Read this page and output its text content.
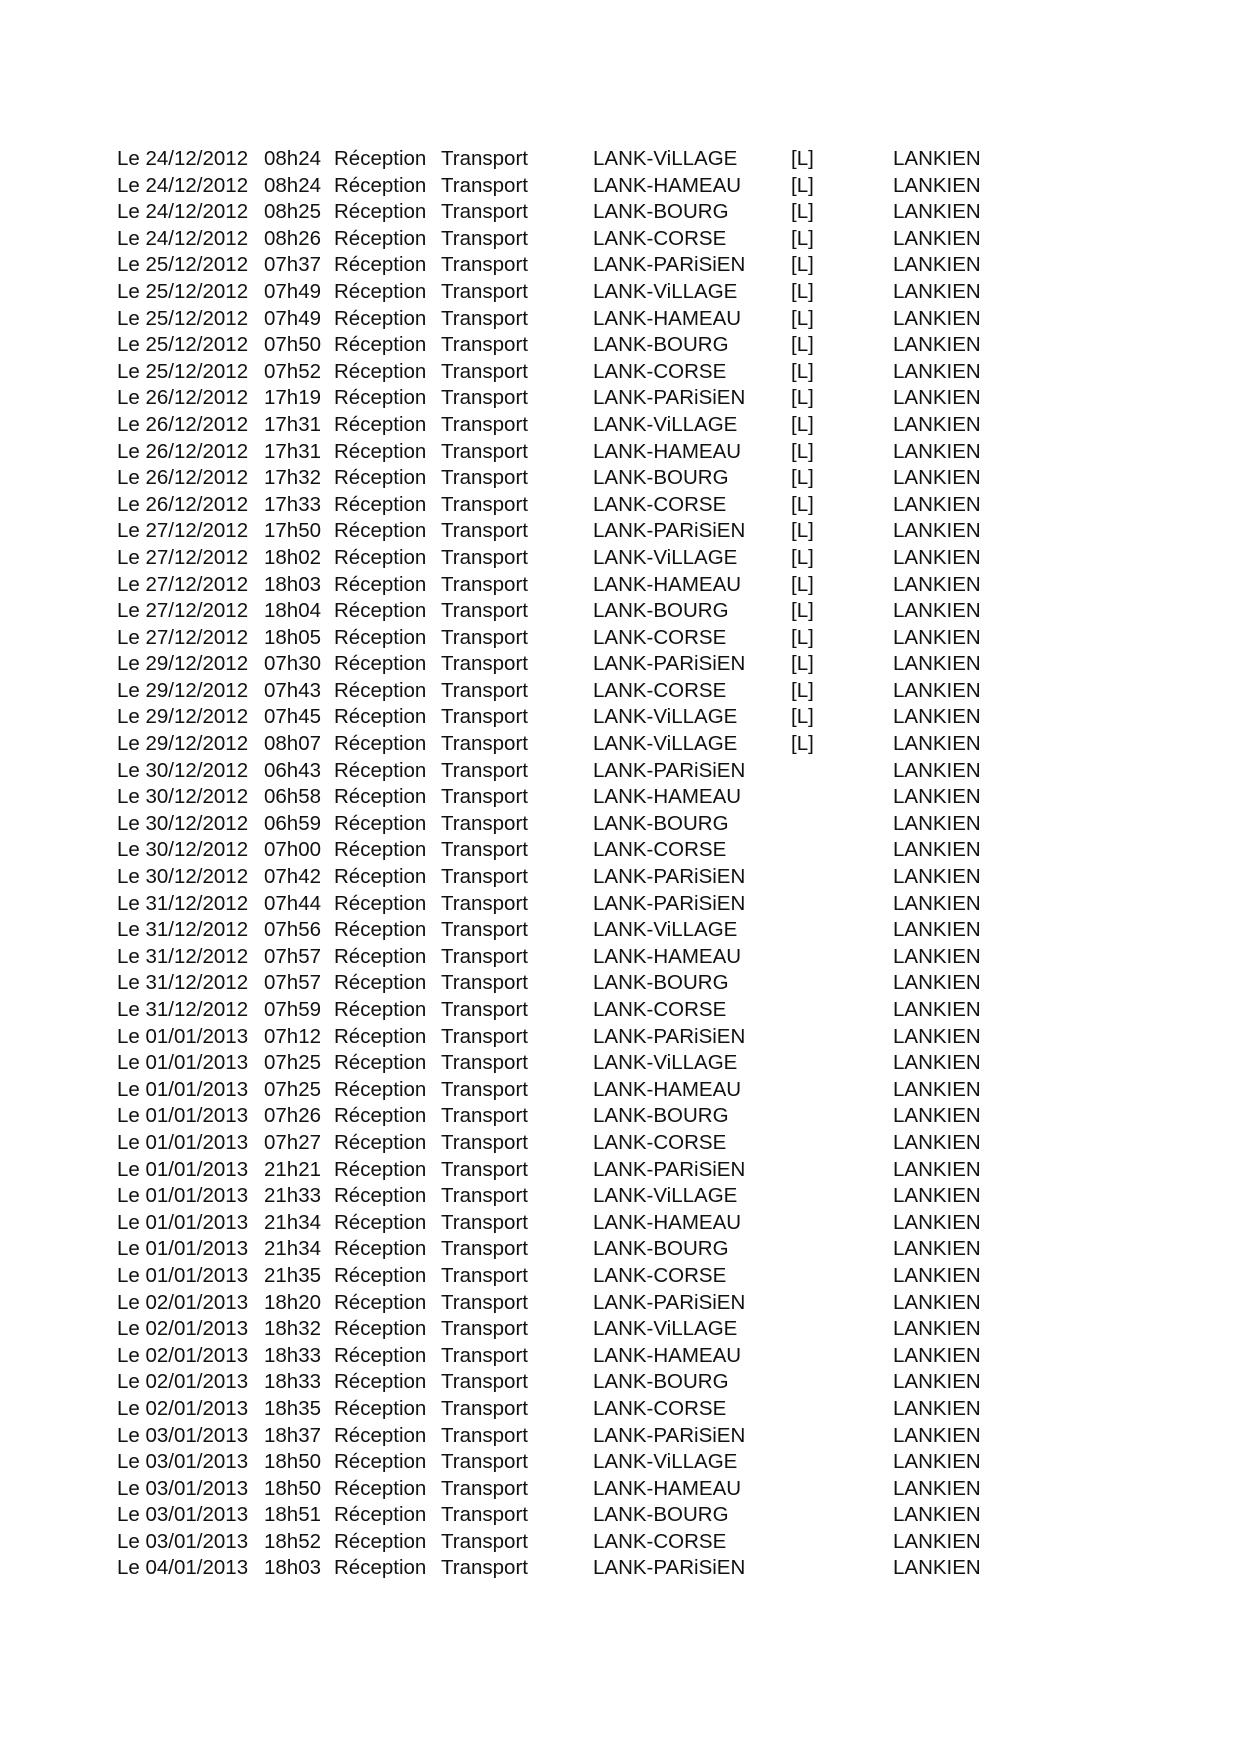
Le 24/12/2012 08h24 Réception Transport	LANK-ViLLAGE	[L]	LANKIEN
Le 24/12/2012 08h24 Réception Transport	LANK-HAMEAU [L]	LANKIEN
Le 24/12/2012 08h25 Réception Transport	LANK-BOURG	[L]	LANKIEN
Le 24/12/2012 08h26 Réception Transport	LANK-CORSE	[L]	LANKIEN
Le 25/12/2012 07h37 Réception Transport	LANK-PARiSiEN [L]	LANKIEN
Le 25/12/2012 07h49 Réception Transport	LANK-ViLLAGE	[L]	LANKIEN
Le 25/12/2012 07h49 Réception Transport	LANK-HAMEAU [L]	LANKIEN
Le 25/12/2012 07h50 Réception Transport	LANK-BOURG	[L]	LANKIEN
Le 25/12/2012 07h52 Réception Transport	LANK-CORSE	[L]	LANKIEN
Le 26/12/2012 17h19 Réception Transport	LANK-PARiSiEN [L]	LANKIEN
Le 26/12/2012 17h31 Réception Transport	LANK-ViLLAGE	[L]	LANKIEN
Le 26/12/2012 17h31 Réception Transport	LANK-HAMEAU [L]	LANKIEN
Le 26/12/2012 17h32 Réception Transport	LANK-BOURG	[L]	LANKIEN
Le 26/12/2012 17h33 Réception Transport	LANK-CORSE	[L]	LANKIEN
Le 27/12/2012 17h50 Réception Transport	LANK-PARiSiEN [L]	LANKIEN
Le 27/12/2012 18h02 Réception Transport	LANK-ViLLAGE	[L]	LANKIEN
Le 27/12/2012 18h03 Réception Transport	LANK-HAMEAU [L]	LANKIEN
Le 27/12/2012 18h04 Réception Transport	LANK-BOURG	[L]	LANKIEN
Le 27/12/2012 18h05 Réception Transport	LANK-CORSE	[L]	LANKIEN
Le 29/12/2012 07h30 Réception Transport	LANK-PARiSiEN [L]	LANKIEN
Le 29/12/2012 07h43 Réception Transport	LANK-CORSE	[L]	LANKIEN
Le 29/12/2012 07h45 Réception Transport	LANK-ViLLAGE	[L]	LANKIEN
Le 29/12/2012 08h07 Réception Transport	LANK-ViLLAGE	[L]	LANKIEN
Le 30/12/2012 06h43 Réception Transport	LANK-PARiSiEN	LANKIEN
Le 30/12/2012 06h58 Réception Transport	LANK-HAMEAU	LANKIEN
Le 30/12/2012 06h59 Réception Transport	LANK-BOURG	LANKIEN
Le 30/12/2012 07h00 Réception Transport	LANK-CORSE	LANKIEN
Le 30/12/2012 07h42 Réception Transport	LANK-PARiSiEN	LANKIEN
Le 31/12/2012 07h44 Réception Transport	LANK-PARiSiEN	LANKIEN
Le 31/12/2012 07h56 Réception Transport	LANK-ViLLAGE	LANKIEN
Le 31/12/2012 07h57 Réception Transport	LANK-HAMEAU	LANKIEN
Le 31/12/2012 07h57 Réception Transport	LANK-BOURG	LANKIEN
Le 31/12/2012 07h59 Réception Transport	LANK-CORSE	LANKIEN
Le 01/01/2013 07h12 Réception Transport	LANK-PARiSiEN	LANKIEN
Le 01/01/2013 07h25 Réception Transport	LANK-ViLLAGE	LANKIEN
Le 01/01/2013 07h25 Réception Transport	LANK-HAMEAU	LANKIEN
Le 01/01/2013 07h26 Réception Transport	LANK-BOURG	LANKIEN
Le 01/01/2013 07h27 Réception Transport	LANK-CORSE	LANKIEN
Le 01/01/2013 21h21 Réception Transport	LANK-PARiSiEN	LANKIEN
Le 01/01/2013 21h33 Réception Transport	LANK-ViLLAGE	LANKIEN
Le 01/01/2013 21h34 Réception Transport	LANK-HAMEAU	LANKIEN
Le 01/01/2013 21h34 Réception Transport	LANK-BOURG	LANKIEN
Le 01/01/2013 21h35 Réception Transport	LANK-CORSE	LANKIEN
Le 02/01/2013 18h20 Réception Transport	LANK-PARiSiEN	LANKIEN
Le 02/01/2013 18h32 Réception Transport	LANK-ViLLAGE	LANKIEN
Le 02/01/2013 18h33 Réception Transport	LANK-HAMEAU	LANKIEN
Le 02/01/2013 18h33 Réception Transport	LANK-BOURG	LANKIEN
Le 02/01/2013 18h35 Réception Transport	LANK-CORSE	LANKIEN
Le 03/01/2013 18h37 Réception Transport	LANK-PARiSiEN	LANKIEN
Le 03/01/2013 18h50 Réception Transport	LANK-ViLLAGE	LANKIEN
Le 03/01/2013 18h50 Réception Transport	LANK-HAMEAU	LANKIEN
Le 03/01/2013 18h51 Réception Transport	LANK-BOURG	LANKIEN
Le 03/01/2013 18h52 Réception Transport	LANK-CORSE	LANKIEN
Le 04/01/2013 18h03 Réception Transport	LANK-PARiSiEN	LANKIEN
